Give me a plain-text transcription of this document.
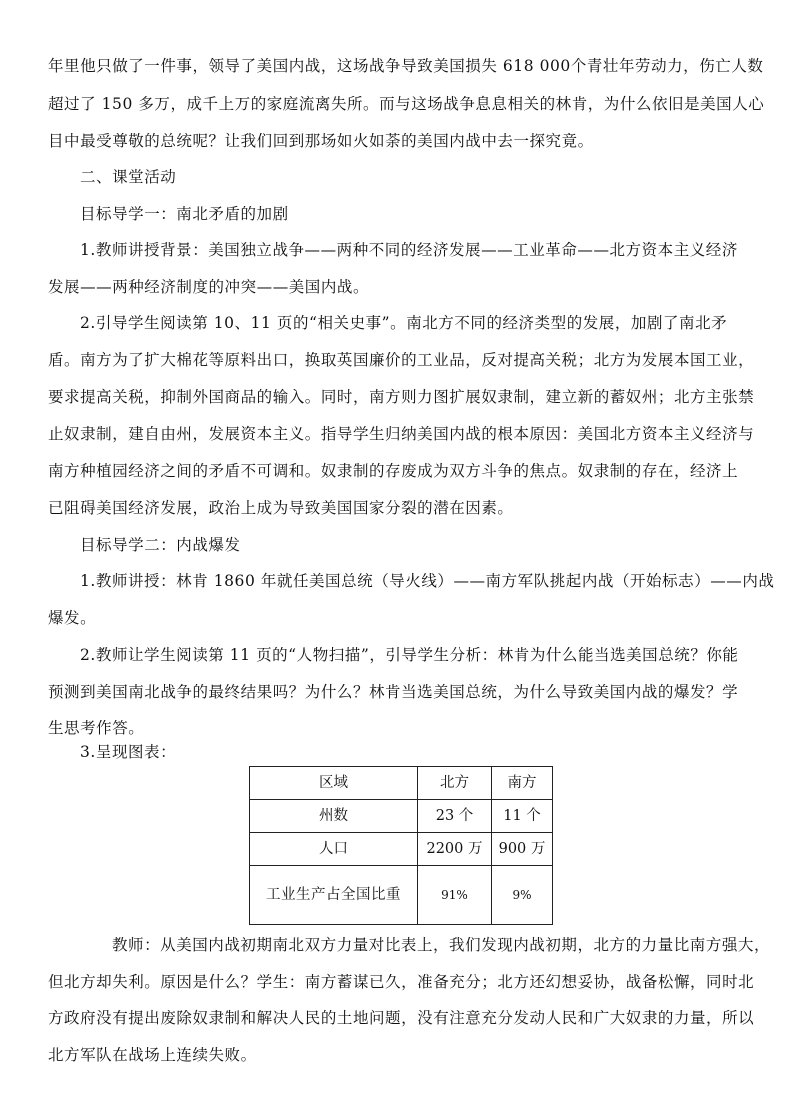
年里他只做了一件事，领导了美国内战，这场战争导致美国损失 618 000个青壮年劳动力，伤亡人数
超过了 150 多万，成千上万的家庭流离失所。而与这场战争息息相关的林肯，为什么依旧是美国人心
目中最受尊敬的总统呢？让我们回到那场如火如荼的美国内战中去一探究竟。
二、课堂活动
目标导学一：南北矛盾的加剧
1.教师讲授背景：美国独立战争——两种不同的经济发展——工业革命——北方资本主义经济
发展——两种经济制度的冲突——美国内战。
2.引导学生阅读第 10、11 页的“相关史事”。南北方不同的经济类型的发展，加剧了南北矛
盾。南方为了扩大棉花等原料出口，换取英国廉价的工业品，反对提高关税；北方为发展本国工业，
要求提高关税，抑制外国商品的输入。同时，南方则力图扩展奴隶制，建立新的蓄奴州；北方主张禁
止奴隶制，建自由州，发展资本主义。指导学生归纳美国内战的根本原因：美国北方资本主义经济与
南方种植园经济之间的矛盾不可调和。奴隶制的存废成为双方斗争的焦点。奴隶制的存在，经济上
已阻碍美国经济发展，政治上成为导致美国国家分裂的潜在因素。
目标导学二：内战爆发
1.教师讲授：林肯 1860 年就任美国总统（导火线）——南方军队挑起内战（开始标志）——内战
爆发。
2.教师让学生阅读第 11 页的“人物扫描”，引导学生分析：林肯为什么能当选美国总统？你能
预测到美国南北战争的最终结果吗？为什么？林肯当选美国总统，为什么导致美国内战的爆发？学
生思考作答。
3.呈现图表：
区域	北方	南方
州数	23 个	11 个
人口	2200 万	900 万
工业生产占全国比重	91%	9%
教师：从美国内战初期南北双方力量对比表上，我们发现内战初期，北方的力量比南方强大，
但北方却失利。原因是什么？学生：南方蓄谋已久，准备充分；北方还幻想妥协，战备松懈，同时北
方政府没有提出废除奴隶制和解决人民的土地问题，没有注意充分发动人民和广大奴隶的力量，所以
北方军队在战场上连续失败。
